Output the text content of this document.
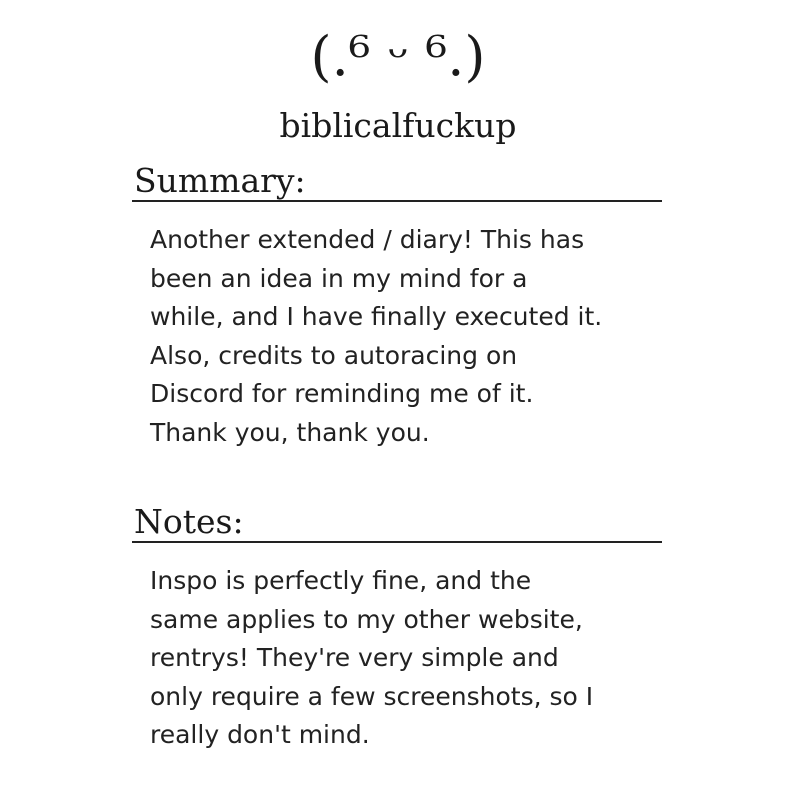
(.⁶ ᵕ ⁶.)
biblicalfuckup
Summary:
Another extended / diary! This has
been an idea in my mind for a
while, and I have finally executed it.
Also, credits to autoracing on
Discord for reminding me of it.
Thank you, thank you.
Notes:
Inspo is perfectly fine, and the
same applies to my other website,
rentrys! They're very simple and
only require a few screenshots, so I
really don't mind.
